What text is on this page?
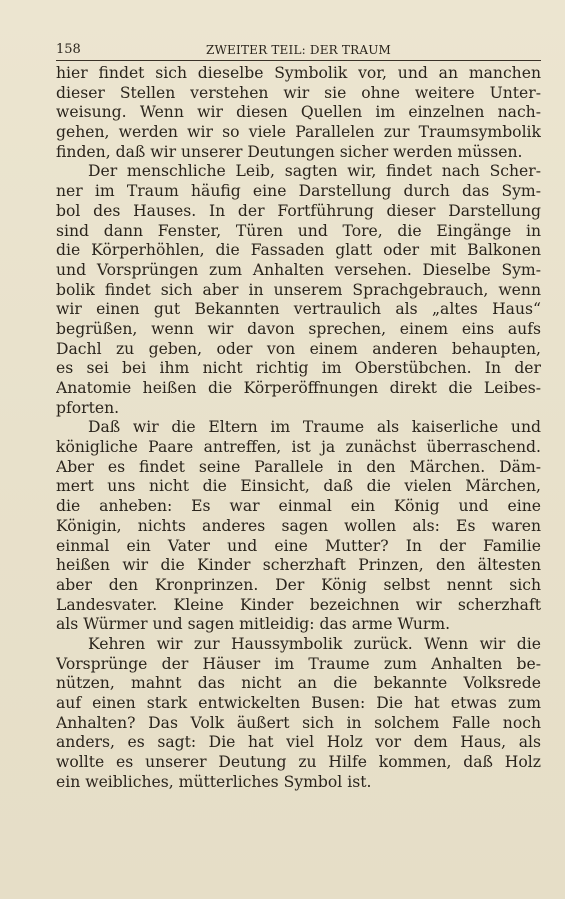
158	ZWEITER TEIL: DER TRAUM
hier findet sich dieselbe Symbolik vor, und an manchen
dieser Stellen verstehen wir sie ohne weitere Unter-
weisung. Wenn wir diesen Quellen im einzelnen nach-
gehen, werden wir so viele Parallelen zur Traumsymbolik
finden, daß wir unserer Deutungen sicher werden müssen.
Der menschliche Leib, sagten wir, findet nach Scher-
ner im Traum häufig eine Darstellung durch das Sym-
bol des Hauses. In der Fortführung dieser Darstellung
sind dann Fenster, Türen und Tore, die Eingänge in
die Körperhöhlen, die Fassaden glatt oder mit Balkonen
und Vorsprüngen zum Anhalten versehen. Dieselbe Sym-
bolik findet sich aber in unserem Sprachgebrauch, wenn
wir einen gut Bekannten vertraulich als „altes Haus“
begrüßen, wenn wir davon sprechen, einem eins aufs
Dachl zu geben, oder von einem anderen behaupten,
es sei bei ihm nicht richtig im Oberstübchen. In der
Anatomie heißen die Körperöffnungen direkt die Leibes-
pforten.
Daß wir die Eltern im Traume als kaiserliche und
königliche Paare antreffen, ist ja zunächst überraschend.
Aber es findet seine Parallele in den Märchen. Däm-
mert uns nicht die Einsicht, daß die vielen Märchen,
die anheben: Es war einmal ein König und eine
Königin, nichts anderes sagen wollen als: Es waren
einmal ein Vater und eine Mutter? In der Familie
heißen wir die Kinder scherzhaft Prinzen, den ältesten
aber den Kronprinzen. Der König selbst nennt sich
Landesvater. Kleine Kinder bezeichnen wir scherzhaft
als Würmer und sagen mitleidig: das arme Wurm.
Kehren wir zur Haussymbolik zurück. Wenn wir die
Vorsprünge der Häuser im Traume zum Anhalten be-
nützen, mahnt das nicht an die bekannte Volksrede
auf einen stark entwickelten Busen: Die hat etwas zum
Anhalten? Das Volk äußert sich in solchem Falle noch
anders, es sagt: Die hat viel Holz vor dem Haus, als
wollte es unserer Deutung zu Hilfe kommen, daß Holz
ein weibliches, mütterliches Symbol ist.
